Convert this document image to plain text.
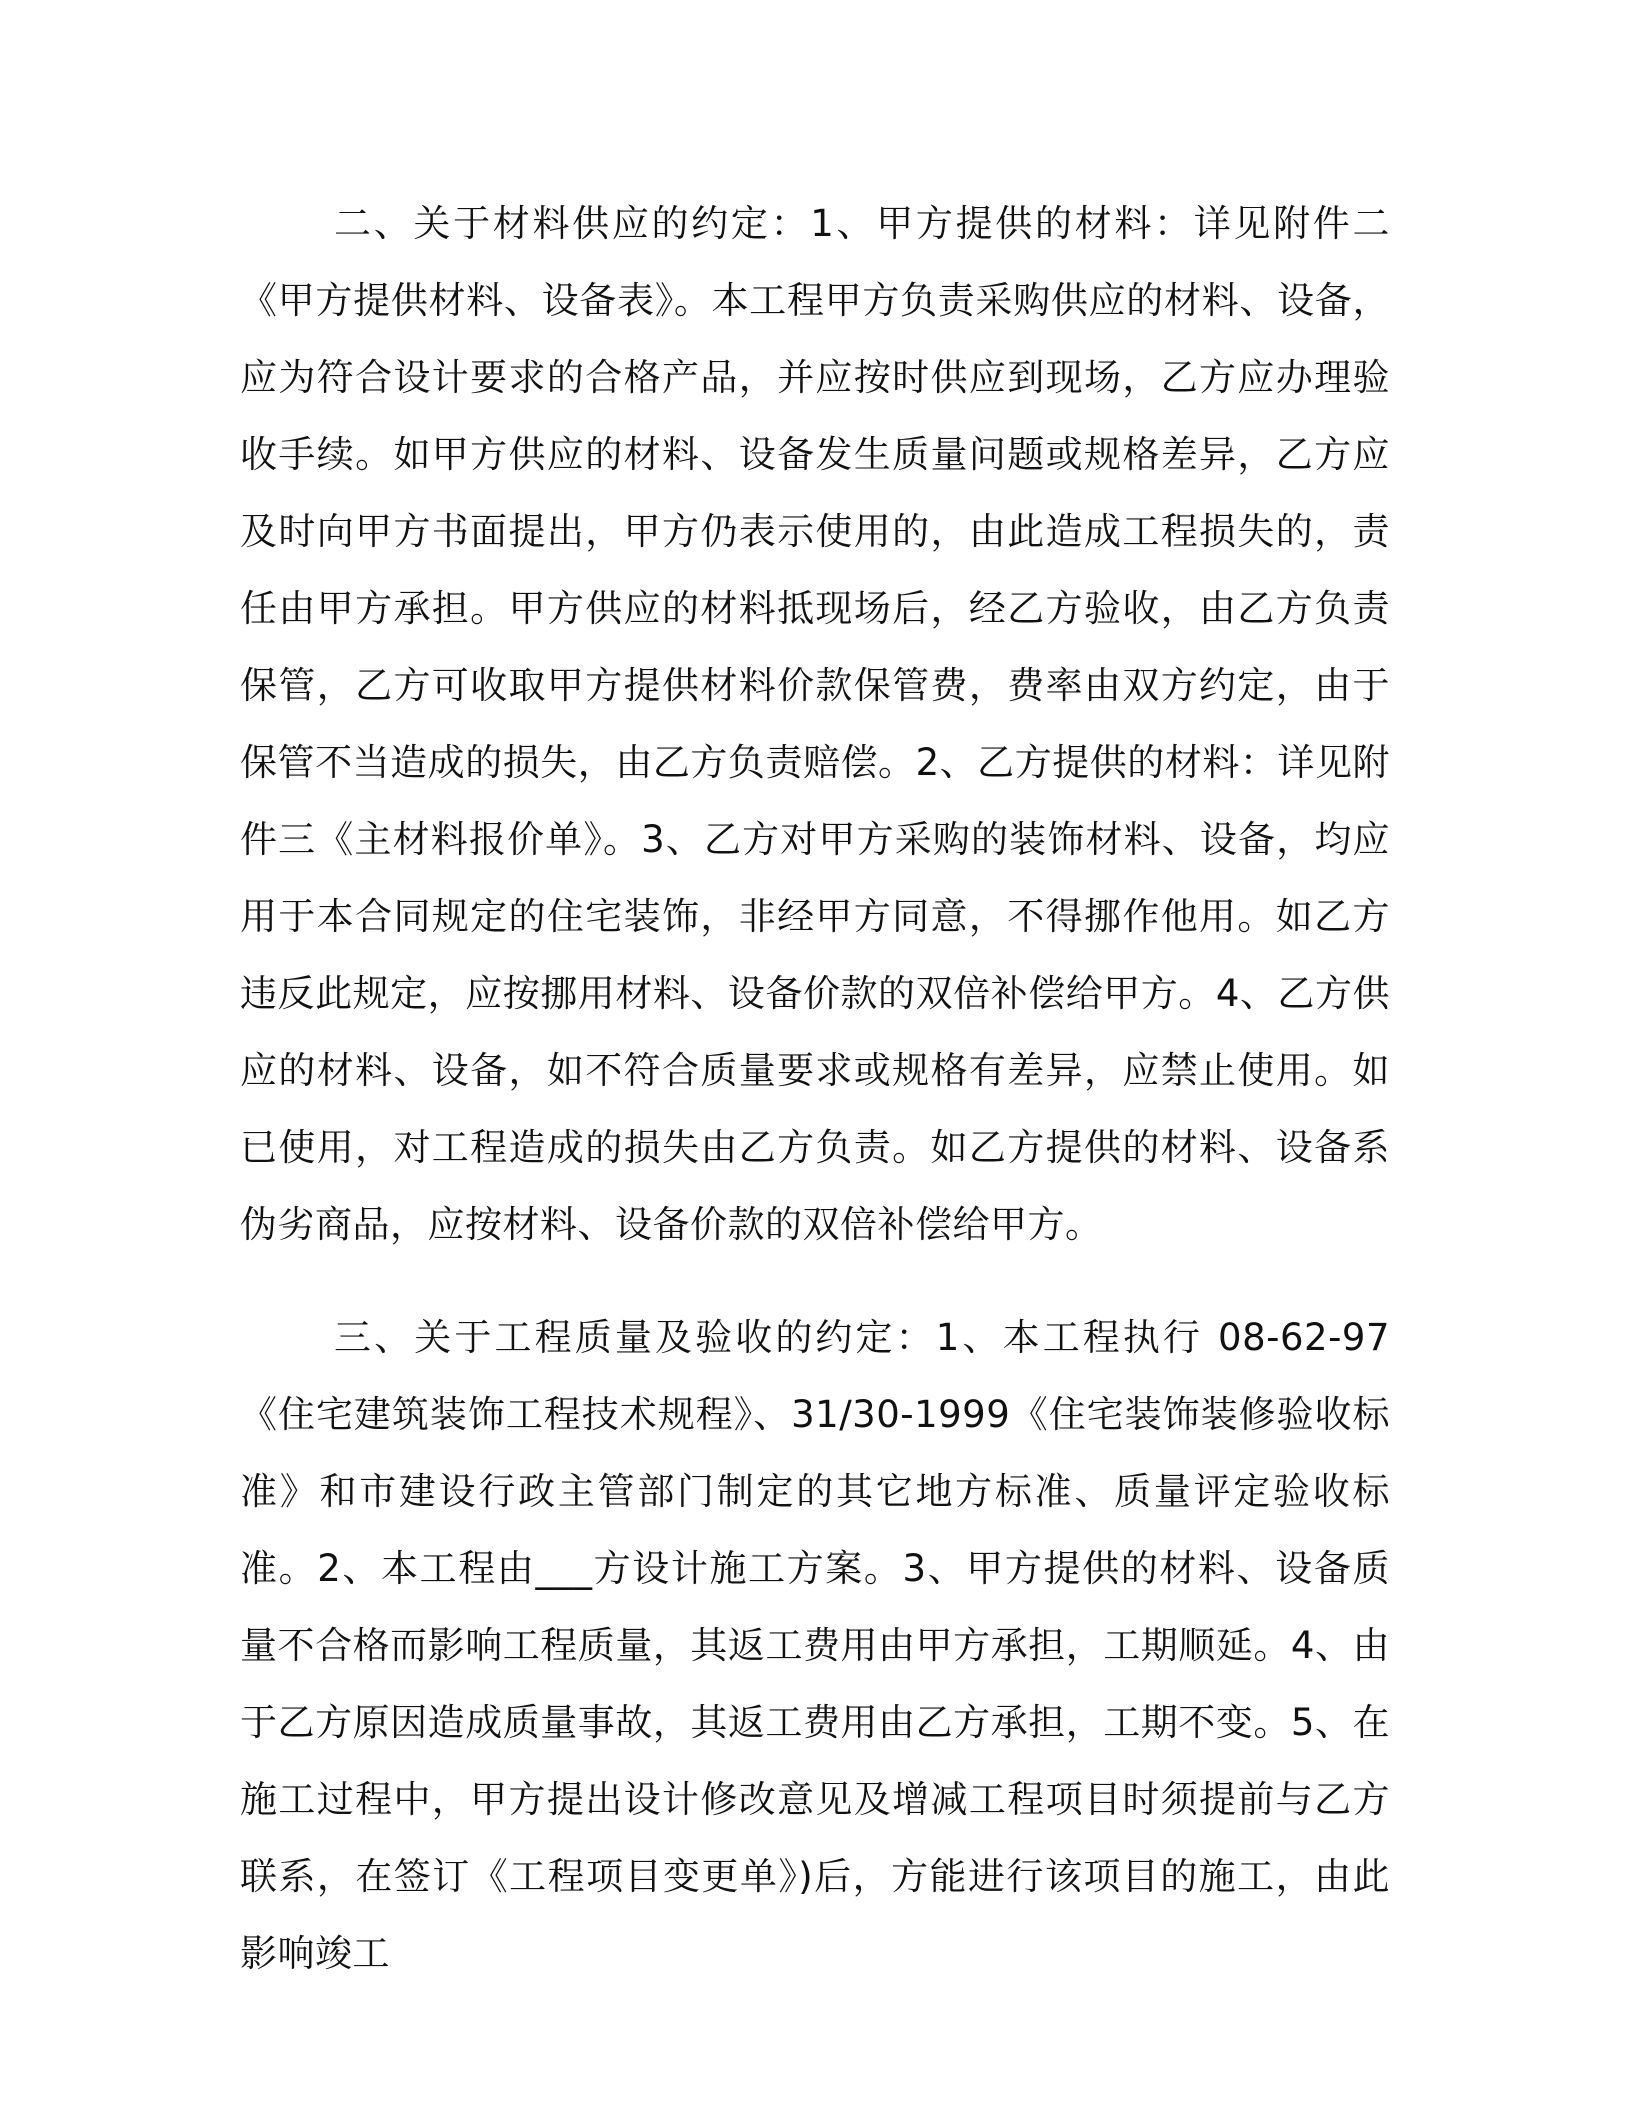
二、关于材料供应的约定：1、甲方提供的材料：详见附件二《甲方提供材料、设备表》。本工程甲方负责采购供应的材料、设备，应为符合设计要求的合格产品，并应按时供应到现场，乙方应办理验收手续。如甲方供应的材料、设备发生质量问题或规格差异，乙方应及时向甲方书面提出，甲方仍表示使用的，由此造成工程损失的，责任由甲方承担。甲方供应的材料抵现场后，经乙方验收，由乙方负责保管，乙方可收取甲方提供材料价款保管费，费率由双方约定，由于保管不当造成的损失，由乙方负责赔偿。2、乙方提供的材料：详见附件三《主材料报价单》。3、乙方对甲方采购的装饰材料、设备，均应用于本合同规定的住宅装饰，非经甲方同意，不得挪作他用。如乙方违反此规定，应按挪用材料、设备价款的双倍补偿给甲方。4、乙方供应的材料、设备，如不符合质量要求或规格有差异，应禁止使用。如已使用，对工程造成的损失由乙方负责。如乙方提供的材料、设备系伪劣商品，应按材料、设备价款的双倍补偿给甲方。

三、关于工程质量及验收的约定：1、本工程执行 08-62-97《住宅建筑装饰工程技术规程》、31/30-1999《住宅装饰装修验收标准》和市建设行政主管部门制定的其它地方标准、质量评定验收标准。2、本工程由___方设计施工方案。3、甲方提供的材料、设备质量不合格而影响工程质量，其返工费用由甲方承担，工期顺延。4、由于乙方原因造成质量事故，其返工费用由乙方承担，工期不变。5、在施工过程中，甲方提出设计修改意见及增减工程项目时须提前与乙方联系，在签订《工程项目变更单》)后，方能进行该项目的施工，由此影响竣工
